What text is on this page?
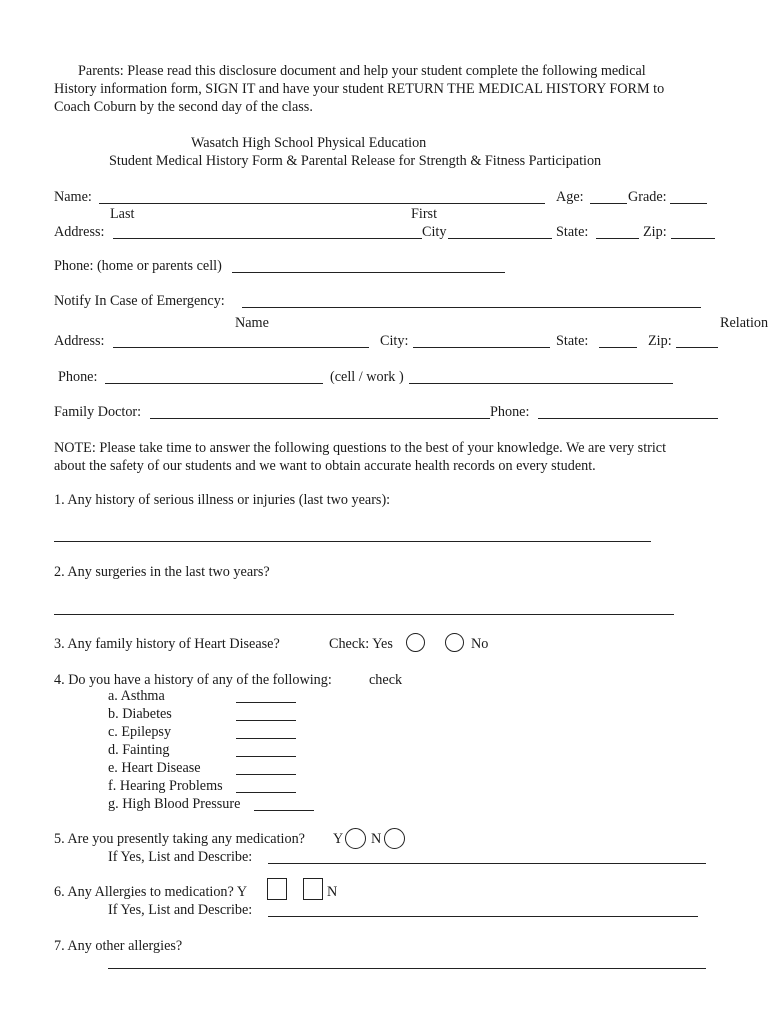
Parents: Please read this disclosure document and help your student complete the following medical
History information form, SIGN IT and have your student RETURN THE MEDICAL HISTORY FORM to
Coach Coburn by the second day of the class.
Wasatch High School Physical Education
Student Medical History Form & Parental Release for Strength & Fitness Participation
Name:	Age:	Grade:
Last	First
Address:	City	State:	Zip:
Phone: (home or parents cell)
Notify In Case of Emergency:
Name	Relation
Address:	City:	State:	Zip:
Phone:	(cell / work )
Family Doctor:	Phone:
NOTE: Please take time to answer the following questions to the best of your knowledge. We are very strict
about the safety of our students and we want to obtain accurate health records on every student.
1. Any history of serious illness or injuries (last two years):
2. Any surgeries in the last two years?
3. Any family history of Heart Disease?	Check: Yes	No
4. Do you have a history of any of the following:	check
a. Asthma
b. Diabetes
c. Epilepsy
d. Fainting
e. Heart Disease
f. Hearing Problems
g. High Blood Pressure
5. Are you presently taking any medication? Y N
If Yes, List and Describe:
6. Any Allergies to medication? Y	N
If Yes, List and Describe:
7. Any other allergies?
